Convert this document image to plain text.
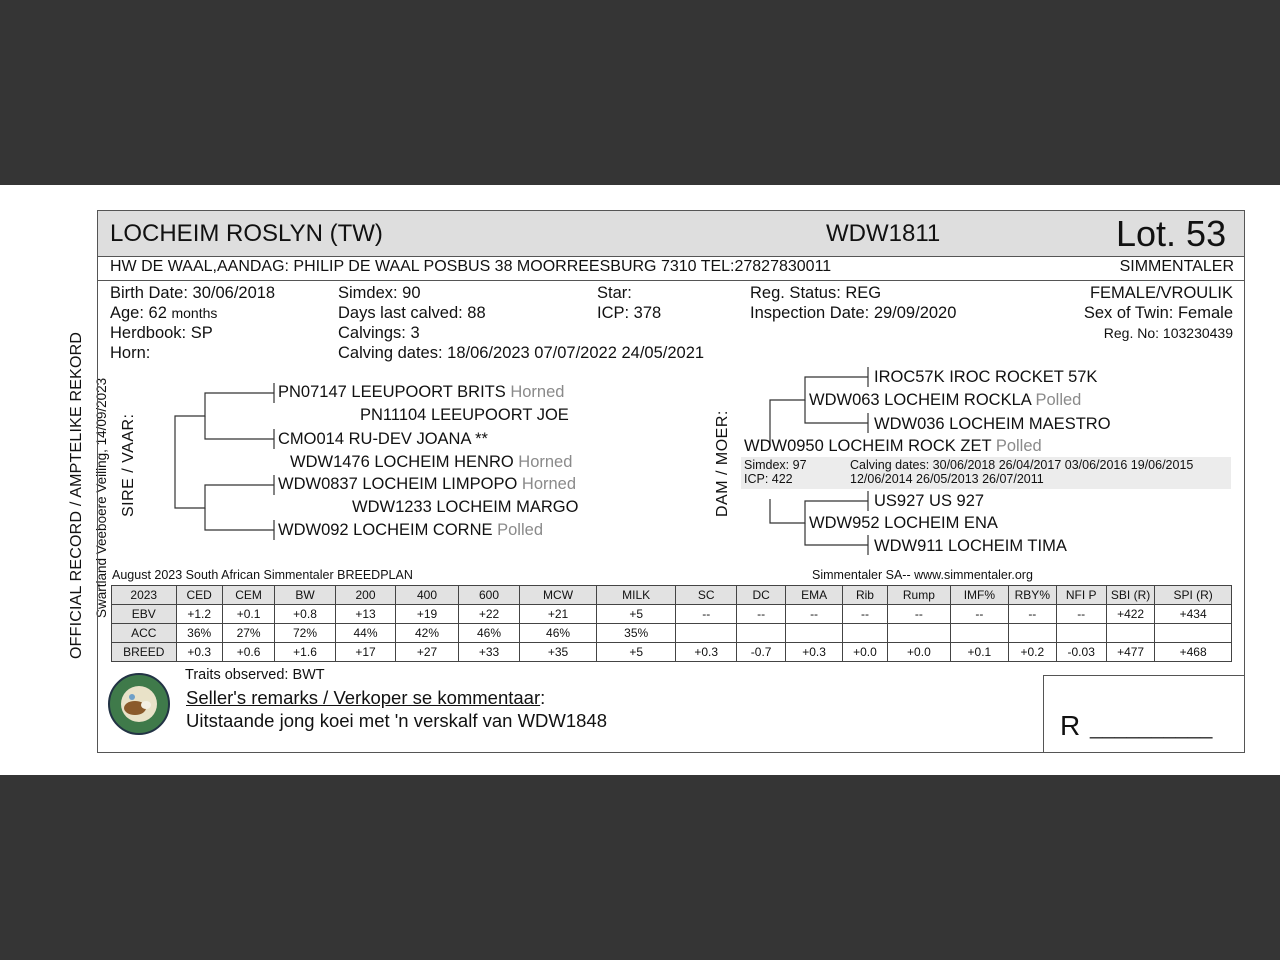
OFFICIAL RECORD / AMPTELIKE REKORD Swartland Veeboere Veiling, 14/09/2023
LOCHEIM ROSLYN (TW)	WDW1811	Lot. 53
HW DE WAAL,AANDAG: PHILIP DE WAAL POSBUS 38 MOORREESBURG 7310 TEL:27827830011	SIMMENTALER
Birth Date: 30/06/2018
Age: 62 months
Herdbook: SP
Horn:
Simdex: 90
Days last calved: 88
Calvings: 3
Calving dates: 18/06/2023 07/07/2022 24/05/2021
Star:
ICP: 378
Reg. Status: REG
Inspection Date: 29/09/2020
FEMALE/VROULIK
Sex of Twin: Female
Reg. No: 103230439
SIRE / VAAR:	DAM / MOER:
PN07147 LEEUPOORT BRITS Horned
PN11104 LEEUPOORT JOE
CMO014 RU-DEV JOANA **
WDW1476 LOCHEIM HENRO Horned
WDW0837 LOCHEIM LIMPOPO Horned
WDW1233 LOCHEIM MARGO
WDW092 LOCHEIM CORNE Polled
IROC57K IROC ROCKET 57K
WDW063 LOCHEIM ROCKLA Polled
WDW036 LOCHEIM MAESTRO
WDW0950 LOCHEIM ROCK ZET Polled
Simdex: 97
ICP: 422
Calving dates: 30/06/2018 26/04/2017 03/06/2016 19/06/2015
12/06/2014 26/05/2013 26/07/2011
US927 US 927
WDW952 LOCHEIM ENA
WDW911 LOCHEIM TIMA
August 2023 South African Simmentaler BREEDPLAN	Simmentaler SA-- www.simmentaler.org
2023	CED	CEM	BW	200	400	600	MCW	MILK	SC	DC	EMA	Rib	Rump	IMF%	RBY%	NFI P	SBI (R)	SPI (R)
EBV	+1.2	+0.1	+0.8	+13	+19	+22	+21	+5	--	--	--	--	--	--	--	--	+422	+434
ACC	36%	27%	72%	44%	42%	46%	46%	35%										
BREED	+0.3	+0.6	+1.6	+17	+27	+33	+35	+5	+0.3	-0.7	+0.3	+0.0	+0.0	+0.1	+0.2	-0.03	+477	+468
Traits observed: BWT
Seller's remarks / Verkoper se kommentaar:
Uitstaande jong koei met 'n verskalf van WDW1848	R __________
